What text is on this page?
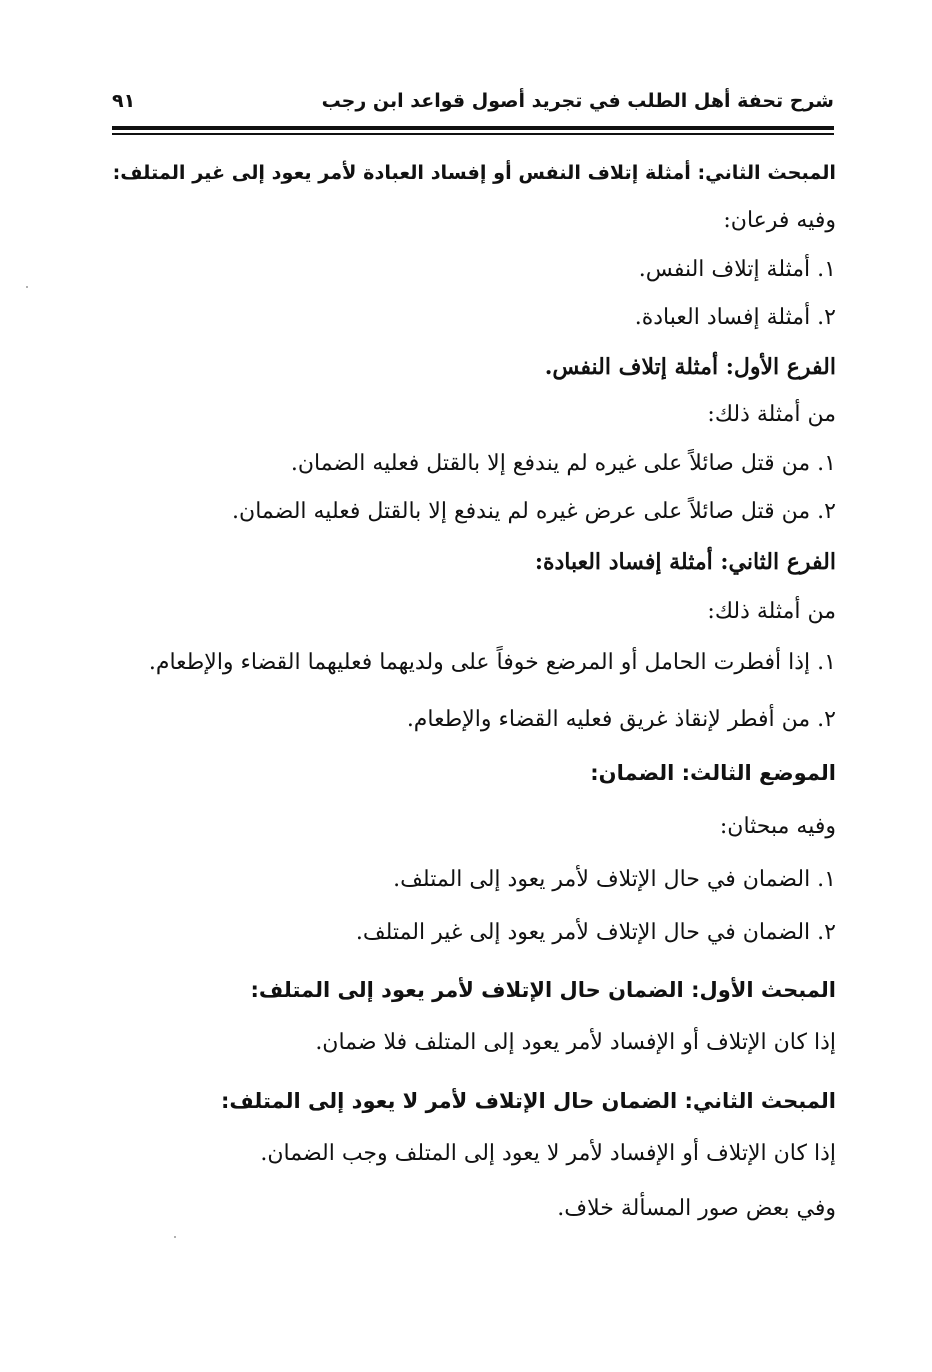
شرح تحفة أهل الطلب في تجريد أصول قواعد ابن رجب
٩١
المبحث الثاني: أمثلة إتلاف النفس أو إفساد العبادة لأمر يعود إلى غير المتلف:
وفيه فرعان:
١. أمثلة إتلاف النفس.
٢. أمثلة إفساد العبادة.
الفرع الأول: أمثلة إتلاف النفس.
من أمثلة ذلك:
١. من قتل صائلاً على غيره لم يندفع إلا بالقتل فعليه الضمان.
٢. من قتل صائلاً على عرض غيره لم يندفع إلا بالقتل فعليه الضمان.
الفرع الثاني: أمثلة إفساد العبادة:
من أمثلة ذلك:
١. إذا أفطرت الحامل أو المرضع خوفاً على ولديهما فعليهما القضاء والإطعام.
٢. من أفطر لإنقاذ غريق فعليه القضاء والإطعام.
الموضع الثالث: الضمان:
وفيه مبحثان:
١. الضمان في حال الإتلاف لأمر يعود إلى المتلف.
٢. الضمان في حال الإتلاف لأمر يعود إلى غير المتلف.
المبحث الأول: الضمان حال الإتلاف لأمر يعود إلى المتلف:
إذا كان الإتلاف أو الإفساد لأمر يعود إلى المتلف فلا ضمان.
المبحث الثاني: الضمان حال الإتلاف لأمر لا يعود إلى المتلف:
إذا كان الإتلاف أو الإفساد لأمر لا يعود إلى المتلف وجب الضمان.
وفي بعض صور المسألة خلاف.
